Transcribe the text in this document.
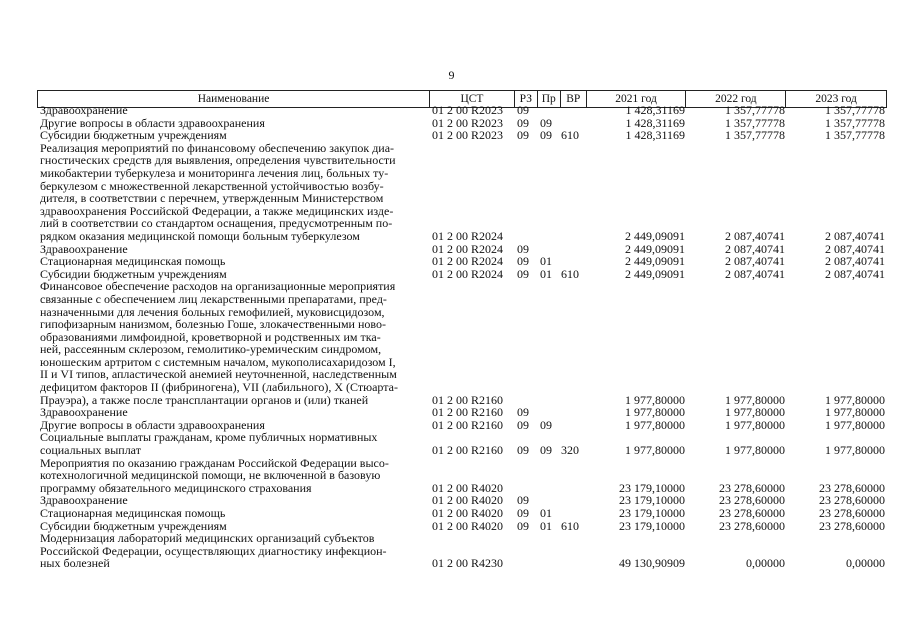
9
Наименование	ЦСТ	РЗ Пр ВР	2021 год	2022 год	2023 год
Здравоохранение	01 2 00 R2023	09	1 428,31169	1 357,77778	1 357,77778
Другие вопросы в области здравоохранения	01 2 00 R2023	09 09	1 428,31169	1 357,77778	1 357,77778
Субсидии бюджетным учреждениям	01 2 00 R2023	09 09 610	1 428,31169	1 357,77778	1 357,77778
Реализация мероприятий по финансовому обеспечению закупок диа-
гностических средств для выявления, определения чувствительности
микобактерии туберкулеза и мониторинга лечения лиц, больных ту-
беркулезом с множественной лекарственной устойчивостью возбу-
дителя, в соответствии с перечнем, утвержденным Министерством
здравоохранения Российской Федерации, а также медицинских изде-
лий в соответствии со стандартом оснащения, предусмотренным по-
рядком оказания медицинской помощи больным туберкулезом	01 2 00 R2024	2 449,09091	2 087,40741	2 087,40741
Здравоохранение	01 2 00 R2024	09	2 449,09091	2 087,40741	2 087,40741
Стационарная медицинская помощь	01 2 00 R2024	09 01	2 449,09091	2 087,40741	2 087,40741
Субсидии бюджетным учреждениям	01 2 00 R2024	09 01 610	2 449,09091	2 087,40741	2 087,40741
Финансовое обеспечение расходов на организационные мероприятия
связанные с обеспечением лиц лекарственными препаратами, пред-
назначенными для лечения больных гемофилией, муковисцидозом,
гипофизарным нанизмом, болезнью Гоше, злокачественными ново-
образованиями лимфоидной, кроветворной и родственных им тка-
ней, рассеянным склерозом, гемолитико-уремическим синдромом,
юношеским артритом с системным началом, мукополисахаридозом I,
II и VI типов, апластической анемией неуточненной, наследственным
дефицитом факторов II (фибриногена), VII (лабильного), X (Стюарта-
Прауэра), а также после трансплантации органов и (или) тканей	01 2 00 R2160	1 977,80000	1 977,80000	1 977,80000
Здравоохранение	01 2 00 R2160	09	1 977,80000	1 977,80000	1 977,80000
Другие вопросы в области здравоохранения	01 2 00 R2160	09 09	1 977,80000	1 977,80000	1 977,80000
Социальные выплаты гражданам, кроме публичных нормативных
социальных выплат	01 2 00 R2160	09 09 320	1 977,80000	1 977,80000	1 977,80000
Мероприятия по оказанию гражданам Российской Федерации высо-
котехнологичной медицинской помощи, не включенной в базовую
программу обязательного медицинского страхования	01 2 00 R4020	23 179,10000	23 278,60000	23 278,60000
Здравоохранение	01 2 00 R4020	09	23 179,10000	23 278,60000	23 278,60000
Стационарная медицинская помощь	01 2 00 R4020	09 01	23 179,10000	23 278,60000	23 278,60000
Субсидии бюджетным учреждениям	01 2 00 R4020	09 01 610	23 179,10000	23 278,60000	23 278,60000
Модернизация лабораторий медицинских организаций субъектов
Российской Федерации, осуществляющих диагностику инфекцион-
ных болезней	01 2 00 R4230	49 130,90909	0,00000	0,00000
